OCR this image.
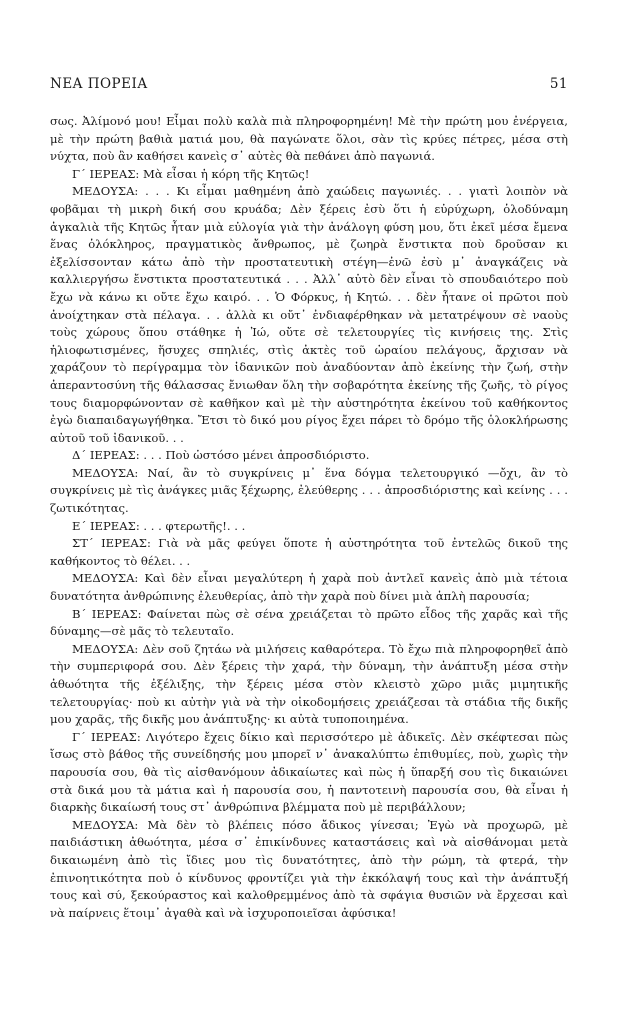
ΝΕΑ ΠΟΡΕΙΑ	51

σως. Ἀλίμονό μου! Εἶμαι πολὺ καλὰ πιὰ πληροφορημένη! Μὲ τὴν πρώτη μου ἐνέργεια, μὲ τὴν πρώτη βαθιὰ ματιά μου, θὰ παγώνατε ὅλοι, σὰν τὶς κρύες πέτρες, μέσα στὴ νύχτα, ποὺ ἂν καθήσει κανεὶς σ᾽ αὐτὲς θὰ πεθάνει ἀπὸ παγωνιά.

Γ΄ ΙΕΡΕΑΣ: Μὰ εἶσαι ἡ κόρη τῆς Κητῶς!

ΜΕΔΟΥΣΑ: . . . Κι εἶμαι μαθημένη ἀπὸ χαώδεις παγωνιές. . . γιατὶ λοιπὸν νὰ φοβᾶμαι τὴ μικρὴ δική σου κρυάδα; Δὲν ξέρεις ἐσὺ ὅτι ἡ εὐρύχωρη, ὁλοδύναμη ἀγκαλιὰ τῆς Κητῶς ἦταν μιὰ εὐλογία γιὰ τὴν ἀνάλογη φύση μου, ὅτι ἐκεῖ μέσα ἔμενα ἕνας ὁλόκληρος, πραγματικὸς ἄνθρωπος, μὲ ζωηρὰ ἔνστικτα ποὺ δροῦσαν κι ἐξελίσσονταν κάτω ἀπὸ τὴν προστατευτικὴ στέγη—ἐνῶ ἐσὺ μ᾽ ἀναγκάζεις νὰ καλλιεργήσω ἔνστικτα προστατευτικά . . . Ἀλλ᾽ αὐτὸ δὲν εἶναι τὸ σπουδαιότερο ποὺ ἔχω νὰ κάνω κι οὔτε ἔχω καιρό. . . Ὁ Φόρκυς, ἡ Κητώ. . . δὲν ἦτανε οἱ πρῶτοι ποὺ ἀνοίχτηκαν στὰ πέλαγα. . . ἀλλὰ κι οὔτ᾽ ἐνδιαφέρθηκαν νὰ μετατρέψουν σὲ ναοὺς τοὺς χώρους ὅπου στάθηκε ἡ Ἰώ, οὔτε σὲ τελετουργίες τὶς κινήσεις της. Στὶς ἡλιοφωτισμένες, ἥσυχες σπηλιές, στὶς ἀκτὲς τοῦ ὡραίου πελάγους, ἄρχισαν νὰ χαράζουν τὸ περίγραμμα τὸν ἰδανικῶν ποὺ ἀναδύονταν ἀπὸ ἐκείνης τὴν ζωή, στὴν ἀπεραντοσύνη τῆς θάλασσας ἔνιωθαν ὅλη τὴν σοβαρότητα ἐκείνης τῆς ζωῆς, τὸ ρίγος τους διαμορφώνονταν σὲ καθῆκον καὶ μὲ τὴν αὐστηρότητα ἐκείνου τοῦ καθήκοντος ἐγὼ διαπαιδαγωγήθηκα. Ἔτσι τὸ δικό μου ρίγος ἔχει πάρει τὸ δρόμο τῆς ὁλοκλήρωσης αὐτοῦ τοῦ ἰδανικοῦ. . .

Δ΄ ΙΕΡΕΑΣ: . . . Ποὺ ὡστόσο μένει ἀπροσδιόριστο.

ΜΕΔΟΥΣΑ: Ναί, ἂν τὸ συγκρίνεις μ᾽ ἕνα δόγμα τελετουργικό —ὄχι, ἂν τὸ συγκρίνεις μὲ τὶς ἀνάγκες μιᾶς ξέχωρης, ἐλεύθερης . . . ἀπροσδιόριστης καὶ κείνης . . . ζωτικότητας.

Ε΄ ΙΕΡΕΑΣ: . . . φτερωτῆς!. . .

ΣΤ΄ ΙΕΡΕΑΣ: Γιὰ νὰ μᾶς φεύγει ὅποτε ἡ αὐστηρότητα τοῦ ἐντελῶς δικοῦ της καθήκοντος τὸ θέλει. . .

ΜΕΔΟΥΣΑ: Καὶ δὲν εἶναι μεγαλύτερη ἡ χαρὰ ποὺ ἀντλεῖ κανεὶς ἀπὸ μιὰ τέτοια δυνατότητα ἀνθρώπινης ἐλευθερίας, ἀπὸ τὴν χαρὰ ποὺ δίνει μιὰ ἁπλὴ παρουσία;

Β΄ ΙΕΡΕΑΣ: Φαίνεται πὼς σὲ σένα χρειάζεται τὸ πρῶτο εἶδος τῆς χαρᾶς καὶ τῆς δύναμης—σὲ μᾶς τὸ τελευταῖο.

ΜΕΔΟΥΣΑ: Δὲν σοῦ ζητάω νὰ μιλήσεις καθαρότερα. Τὸ ἔχω πιὰ πληροφορηθεῖ ἀπὸ τὴν συμπεριφορά σου. Δὲν ξέρεις τὴν χαρά, τὴν δύναμη, τὴν ἀνάπτυξη μέσα στὴν ἀθωότητα τῆς ἐξέλιξης, τὴν ξέρεις μέσα στὸν κλειστὸ χῶρο μιᾶς μιμητικῆς τελετουργίας· ποὺ κι αὐτὴν γιὰ νὰ τὴν οἰκοδομήσεις χρειάζεσαι τὰ στάδια τῆς δικῆς μου χαρᾶς, τῆς δικῆς μου ἀνάπτυξης· κι αὐτὰ τυποποιημένα.

Γ΄ ΙΕΡΕΑΣ: Λιγότερο ἔχεις δίκιο καὶ περισσότερο μὲ ἀδικεῖς. Δὲν σκέφτεσαι πὼς ἴσως στὸ βάθος τῆς συνείδησής μου μπορεῖ ν᾽ ἀνακαλύπτω ἐπιθυμίες, ποὺ, χωρὶς τὴν παρουσία σου, θὰ τὶς αἰσθανόμουν ἀδικαίωτες καὶ πὼς ἡ ὕπαρξή σου τὶς δικαιώνει στὰ δικά μου τὰ μάτια καὶ ἡ παρουσία σου, ἡ παντοτεινὴ παρουσία σου, θὰ εἶναι ἡ διαρκὴς δικαίωσή τους στ᾽ ἀνθρώπινα βλέμματα ποὺ μὲ περιβάλλουν;

ΜΕΔΟΥΣΑ: Μὰ δὲν τὸ βλέπεις πόσο ἄδικος γίνεσαι; Ἐγὼ νὰ προχωρῶ, μὲ παιδιάστικη ἀθωότητα, μέσα σ᾽ ἐπικίνδυνες καταστάσεις καὶ νὰ αἰσθάνομαι μετὰ δικαιωμένη ἀπὸ τὶς ἴδιες μου τὶς δυνατότητες, ἀπὸ τὴν ρώμη, τὰ φτερά, τὴν ἐπινοητικότητα ποὺ ὁ κίνδυνος φροντίζει γιὰ τὴν ἐκκόλαψή τους καὶ τὴν ἀνάπτυξή τους καὶ σύ, ξεκούραστος καὶ καλοθρεμμένος ἀπὸ τὰ σφάγια θυσιῶν νὰ ἔρχεσαι καὶ νὰ παίρνεις ἕτοιμ᾽ ἀγαθὰ καὶ νὰ ἰσχυροποιεῖσαι ἀφύσικα!
